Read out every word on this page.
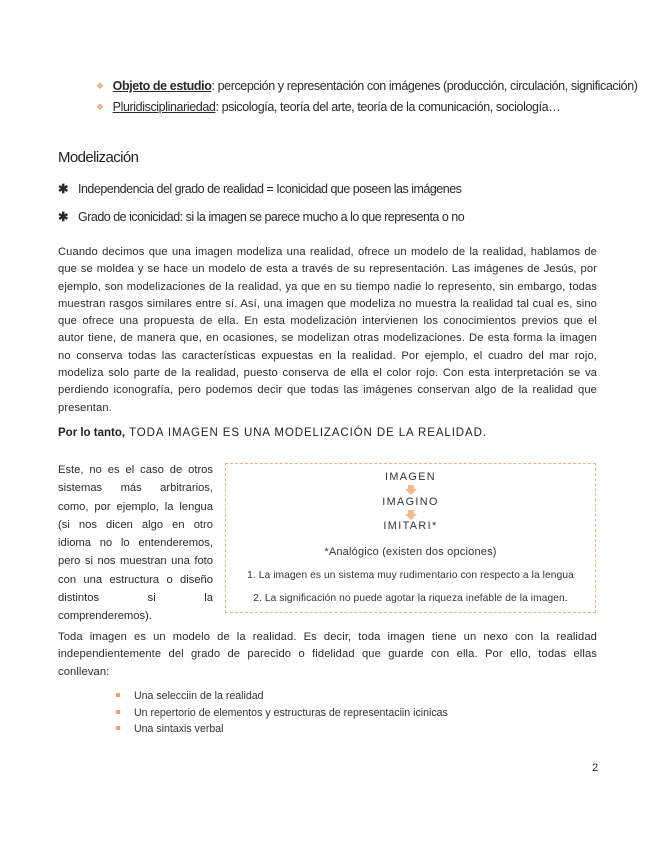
❖ Objeto de estudio: percepción y representación con imágenes (producción, circulación, significación)
❖ Pluridisciplinariedad: psicología, teoría del arte, teoría de la comunicación, sociología…
Modelización
✱ Independencia del grado de realidad = Iconicidad que poseen las imágenes
✱ Grado de iconicidad: si la imagen se parece mucho a lo que representa o no
Cuando decimos que una imagen modeliza una realidad, ofrece un modelo de la realidad, hablamos de
que se moldea y se hace un modelo de esta a través de su representación. Las imágenes de Jesús, por
ejemplo, son modelizaciones de la realidad, ya que en su tiempo nadie lo represento, sin embargo, todas
muestran rasgos similares entre sí. Así, una imagen que modeliza no muestra la realidad tal cual es, sino
que ofrece una propuesta de ella. En esta modelización intervienen los conocimientos previos que el
autor tiene, de manera que, en ocasiones, se modelizan otras modelizaciones. De esta forma la imagen
no conserva todas las características expuestas en la realidad. Por ejemplo, el cuadro del mar rojo,
modeliza solo parte de la realidad, puesto conserva de ella el color rojo. Con esta interpretación se va
perdiendo iconografía, pero podemos decir que todas las imágenes conservan algo de la realidad que
presentan.
Por lo tanto, TODA IMAGEN ES UNA MODELIZACIÓN DE LA REALIDAD.
Este, no es el caso de otros
sistemas más arbitrarios,
como, por ejemplo, la lengua
(si nos dicen algo en otro
idioma no lo entenderemos,
pero si nos muestran una foto
con una estructura o diseño
distintos si la
comprenderemos).
IMAGEN
IMAGINO
IMITARI*
*Analógico (existen dos opciones)
1. La imagen es un sistema muy rudimentario con respecto a la lengua
2. La significación no puede agotar la riqueza inefable de la imagen.
Toda imagen es un modelo de la realidad. Es decir, toda imagen tiene un nexo con la realidad
independientemente del grado de parecido o fidelidad que guarde con ella. Por ello, todas ellas
conllevan:
Una selecciin de la realidad
Un repertorio de elementos y estructuras de representaciin icinicas
Una sintaxis verbal
2
